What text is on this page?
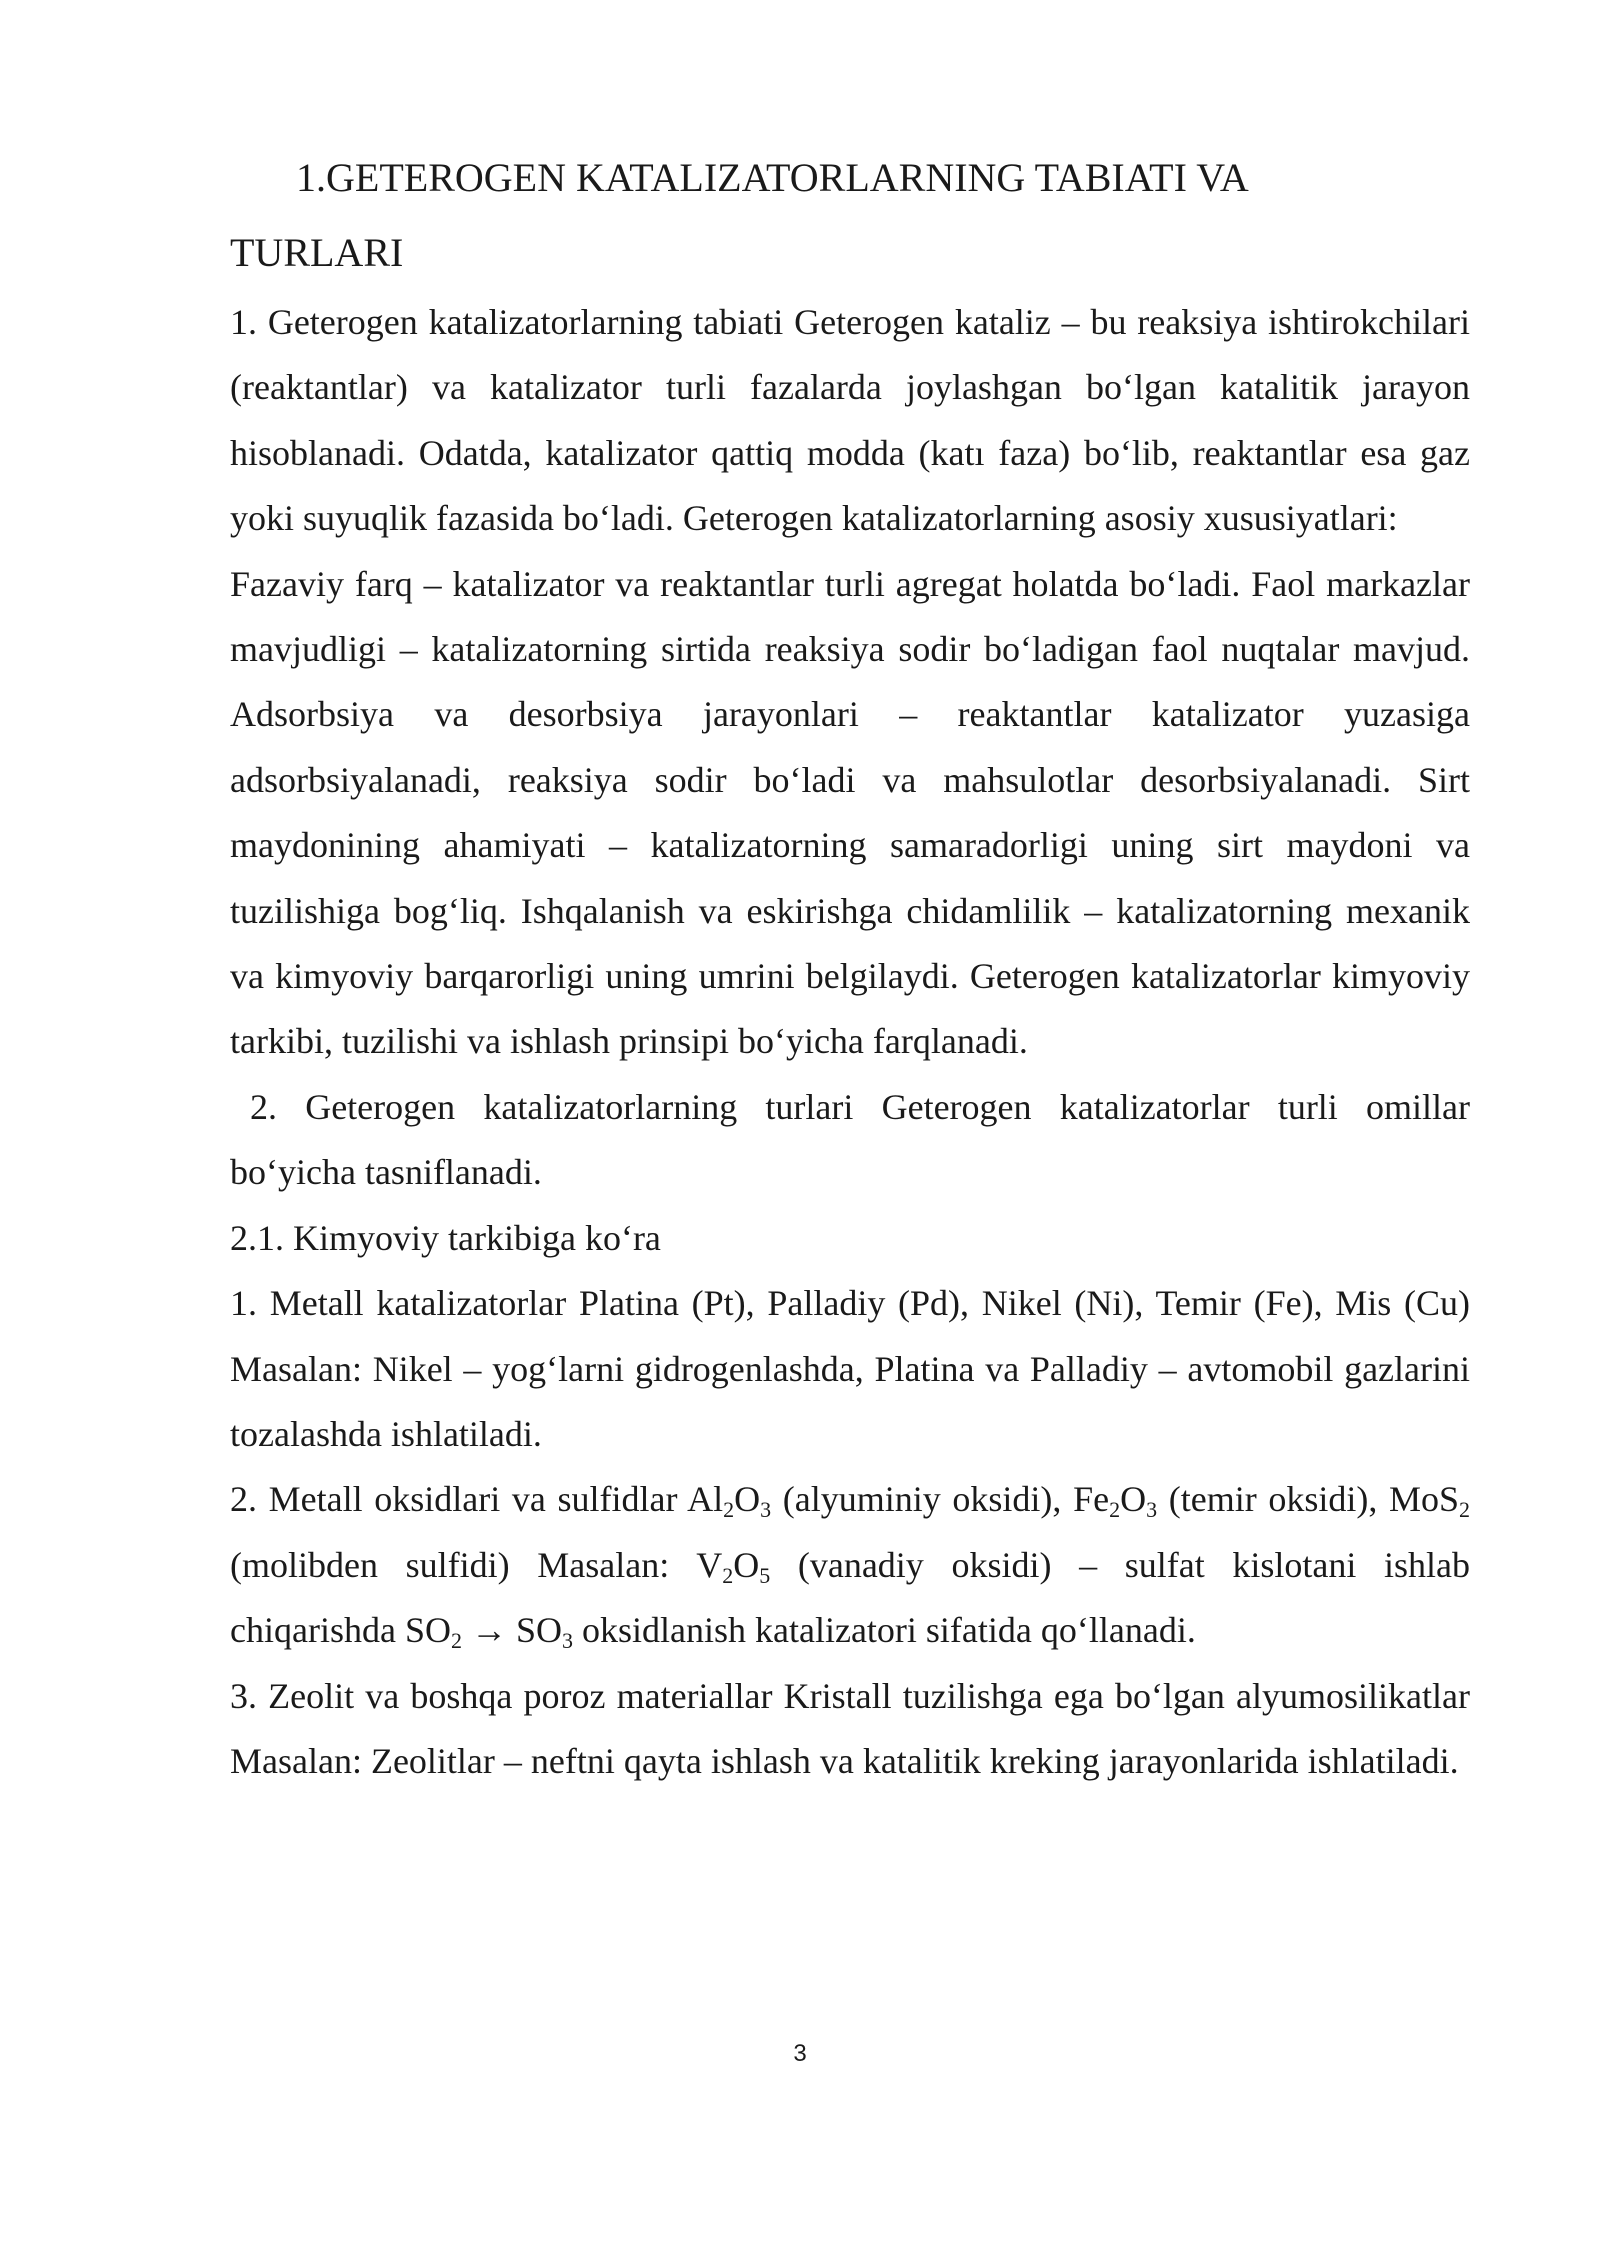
1.GETEROGEN KATALIZATORLARNING TABIATI VA
TURLARI

1. Geterogen katalizatorlarning tabiati Geterogen kataliz – bu reaksiya ishtirokchilari (reaktantlar) va katalizator turli fazalarda joylashgan bo‘lgan katalitik jarayon hisoblanadi. Odatda, katalizator qattiq modda (katı faza) bo‘lib, reaktantlar esa gaz yoki suyuqlik fazasida bo‘ladi. Geterogen katalizatorlarning asosiy xususiyatlari:

Fazaviy farq – katalizator va reaktantlar turli agregat holatda bo‘ladi. Faol markazlar mavjudligi – katalizatorning sirtida reaksiya sodir bo‘ladigan faol nuqtalar mavjud. Adsorbsiya va desorbsiya jarayonlari – reaktantlar katalizator yuzasiga adsorbsiyalanadi, reaksiya sodir bo‘ladi va mahsulotlar desorbsiyalanadi. Sirt maydonining ahamiyati – katalizatorning samaradorligi uning sirt maydoni va tuzilishiga bog‘liq. Ishqalanish va eskirishga chidamlilik – katalizatorning mexanik va kimyoviy barqarorligi uning umrini belgilaydi. Geterogen katalizatorlar kimyoviy tarkibi, tuzilishi va ishlash prinsipi bo‘yicha farqlanadi.

2. Geterogen katalizatorlarning turlari Geterogen katalizatorlar turli omillar bo‘yicha tasniflanadi.

2.1. Kimyoviy tarkibiga ko‘ra

1. Metall katalizatorlar Platina (Pt), Palladiy (Pd), Nikel (Ni), Temir (Fe), Mis (Cu) Masalan: Nikel – yog‘larni gidrogenlashda, Platina va Palladiy – avtomobil gazlarini tozalashda ishlatiladi.

2. Metall oksidlari va sulfidlar $Al_2O_3$ (alyuminiy oksidi), $Fe_2O_3$ (temir oksidi), MoS$_2$ (molibden sulfidi) Masalan: $V_2O_5$ (vanadiy oksidi) – sulfat kislotani ishlab chiqarishda $SO_2 \to SO_3$ oksidlanish katalizatori sifatida qo‘llanadi.

3. Zeolit va boshqa poroz materiallar Kristall tuzilishga ega bo‘lgan alyumosilikatlar Masalan: Zeolitlar – neftni qayta ishlash va katalitik kreking jarayonlarida ishlatiladi.

3
